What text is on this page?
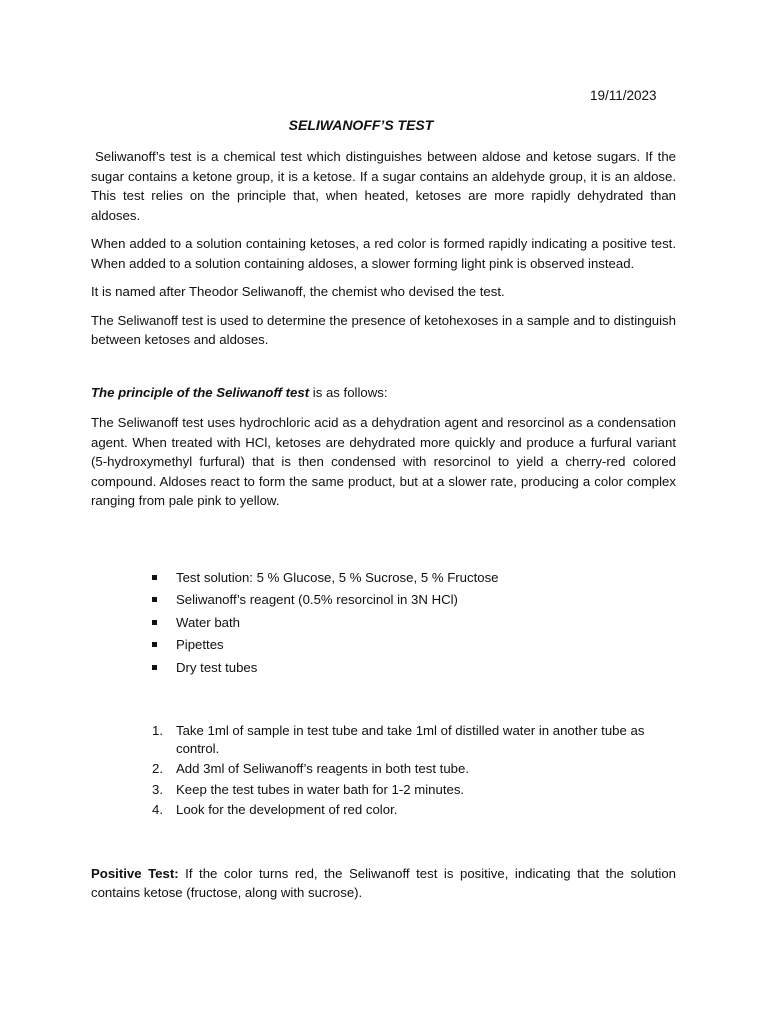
19/11/2023
SELIWANOFF’S TEST

Seliwanoff’s test is a chemical test which distinguishes between aldose and ketose sugars. If the sugar contains a ketone group, it is a ketose. If a sugar contains an aldehyde group, it is an aldose. This test relies on the principle that, when heated, ketoses are more rapidly dehydrated than aldoses.

When added to a solution containing ketoses, a red color is formed rapidly indicating a positive test. When added to a solution containing aldoses, a slower forming light pink is observed instead.

It is named after Theodor Seliwanoff, the chemist who devised the test.

The Seliwanoff test is used to determine the presence of ketohexoses in a sample and to distinguish between ketoses and aldoses.

The principle of the Seliwanoff test is as follows:

The Seliwanoff test uses hydrochloric acid as a dehydration agent and resorcinol as a condensation agent. When treated with HCl, ketoses are dehydrated more quickly and produce a furfural variant (5-hydroxymethyl furfural) that is then condensed with resorcinol to yield a cherry-red colored compound. Aldoses react to form the same product, but at a slower rate, producing a color complex ranging from pale pink to yellow.

Test solution: 5 % Glucose, 5 % Sucrose, 5 % Fructose
Seliwanoff’s reagent (0.5% resorcinol in 3N HCl)
Water bath
Pipettes
Dry test tubes
1. Take 1ml of sample in test tube and take 1ml of distilled water in another tube as control.
2. Add 3ml of Seliwanoff’s reagents in both test tube.
3. Keep the test tubes in water bath for 1-2 minutes.
4. Look for the development of red color.

Positive Test: If the color turns red, the Seliwanoff test is positive, indicating that the solution contains ketose (fructose, along with sucrose).
